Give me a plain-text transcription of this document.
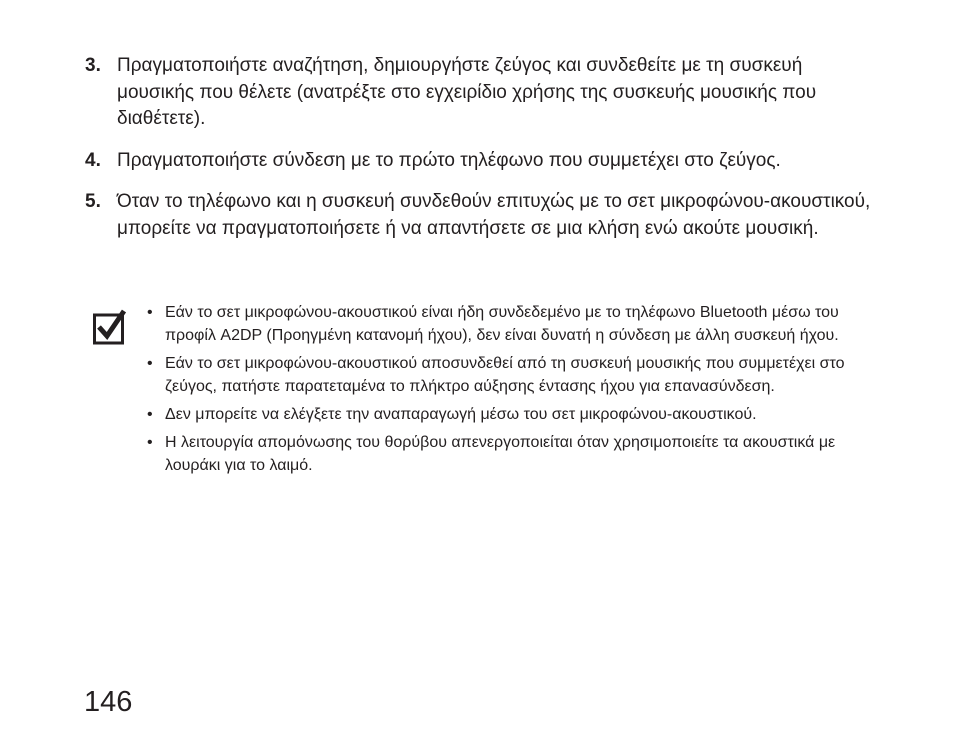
3. Πραγματοποιήστε αναζήτηση, δημιουργήστε ζεύγος και συνδεθείτε με τη συσκευή μουσικής που θέλετε (ανατρέξτε στο εγχειρίδιο χρήσης της συσκευής μουσικής που διαθέτετε).
4. Πραγματοποιήστε σύνδεση με το πρώτο τηλέφωνο που συμμετέχει στο ζεύγος.
5. Όταν το τηλέφωνο και η συσκευή συνδεθούν επιτυχώς με το σετ μικροφώνου-ακουστικού, μπορείτε να πραγματοποιήσετε ή να απαντήσετε σε μια κλήση ενώ ακούτε μουσική.
• Εάν το σετ μικροφώνου-ακουστικού είναι ήδη συνδεδεμένο με το τηλέφωνο Bluetooth μέσω του προφίλ A2DP (Προηγμένη κατανομή ήχου), δεν είναι δυνατή η σύνδεση με άλλη συσκευή ήχου.
• Εάν το σετ μικροφώνου-ακουστικού αποσυνδεθεί από τη συσκευή μουσικής που συμμετέχει στο ζεύγος, πατήστε παρατεταμένα το πλήκτρο αύξησης έντασης ήχου για επανασύνδεση.
• Δεν μπορείτε να ελέγξετε την αναπαραγωγή μέσω του σετ μικροφώνου-ακουστικού.
• Η λειτουργία απομόνωσης του θορύβου απενεργοποιείται όταν χρησιμοποιείτε τα ακουστικά με λουράκι για το λαιμό.
146
